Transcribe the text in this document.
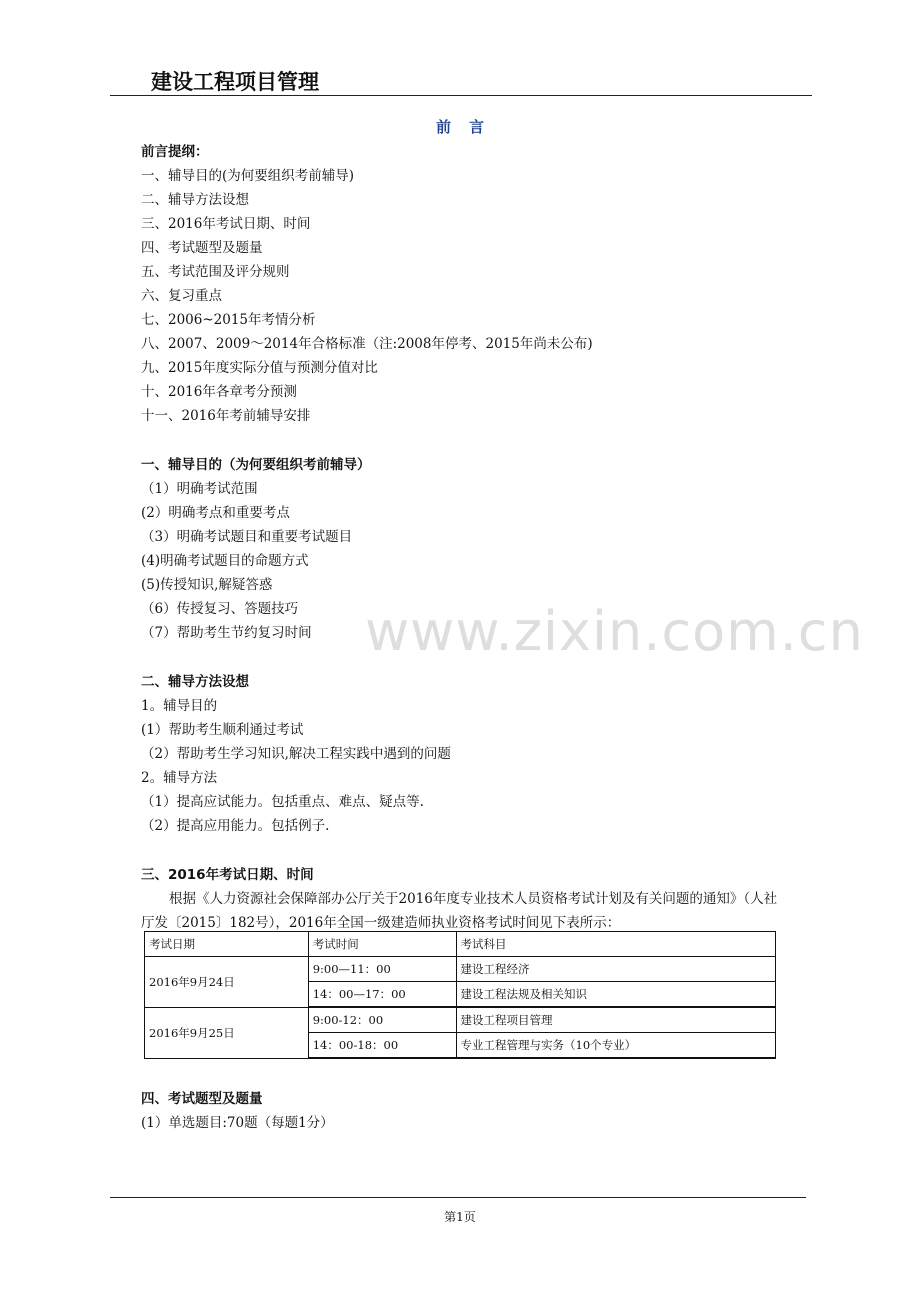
建设工程项目管理
前言
前言提纲：
一、辅导目的(为何要组织考前辅导)
二、辅导方法设想
三、2016年考试日期、时间
四、考试题型及题量
五、考试范围及评分规则
六、复习重点
七、2006~2015年考情分析
八、2007、2009～2014年合格标准（注:2008年停考、2015年尚未公布)
九、2015年度实际分值与预测分值对比
十、2016年各章考分预测
十一、2016年考前辅导安排
一、辅导目的（为何要组织考前辅导）
（1）明确考试范围
(2）明确考点和重要考点
（3）明确考试题目和重要考试题目
(4)明确考试题目的命题方式
(5)传授知识,解疑答惑
（6）传授复习、答题技巧
（7）帮助考生节约复习时间
二、辅导方法设想
1。辅导目的
(1）帮助考生顺利通过考试
（2）帮助考生学习知识,解决工程实践中遇到的问题
2。辅导方法
（1）提高应试能力。包括重点、难点、疑点等.
（2）提高应用能力。包括例子.
三、2016年考试日期、时间
根据《人力资源社会保障部办公厅关于2016年度专业技术人员资格考试计划及有关问题的通知》（人社
厅发〔2015〕182号），2016年全国一级建造师执业资格考试时间见下表所示：
考试日期	考试时间	考试科目
2016年9月24日	9:00—11：00	建设工程经济
	14：00—17：00	建设工程法规及相关知识
2016年9月25日	9:00-12：00	建设工程项目管理
	14：00-18：00	专业工程管理与实务（10个专业）
四、考试题型及题量
(1）单选题目:70题（每题1分）
www.zixin.com.cn
第1页
